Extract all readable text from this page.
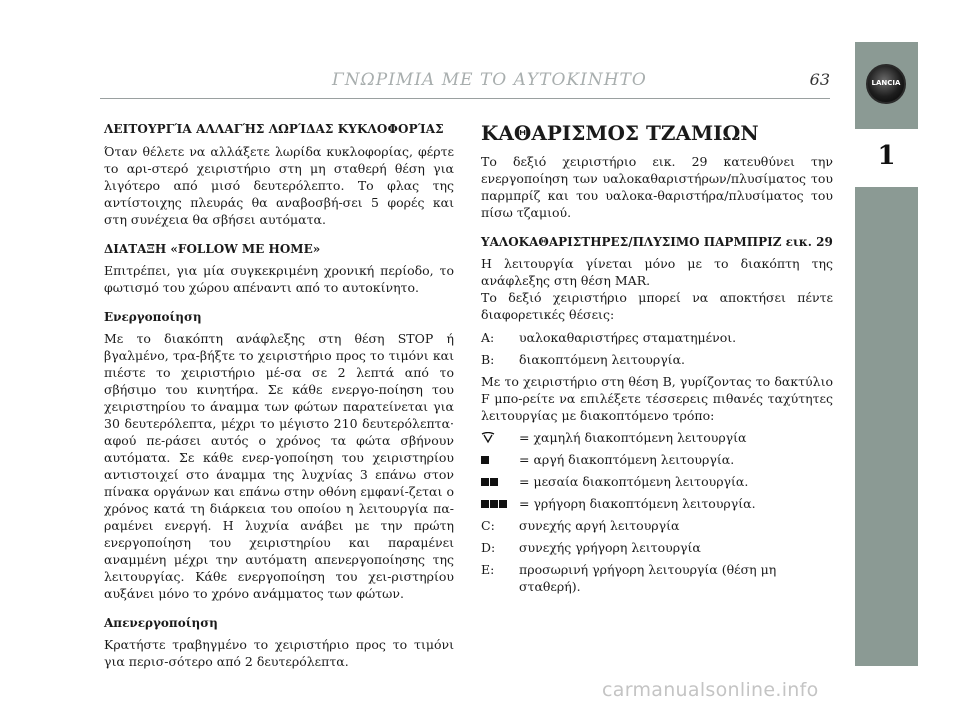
ΓΝΩΡΙΜΙΑ ΜΕ ΤΟ ΑΥΤΟΚΙΝΗΤΟ	63	LANCIA
1
ΛΕΙΤΟΥΡΓΊΑ ΑΛΛΑΓΉΣ ΛΩΡΊΔΑΣ ΚΥΚΛΟΦΟΡΊΑΣ

Όταν θέλετε να αλλάξετε λωρίδα κυκλοφορίας, φέρτε το αρι-στερό χειριστήριο στη μη σταθερή θέση για λιγότερο από μισό δευτερόλεπτο. Το φλας της αντίστοιχης πλευράς θα αναβοσβή-σει 5 φορές και στη συνέχεια θα σβήσει αυτόματα.

ΔΙΑΤΑΞΗ «FOLLOW ME HOME»

Επιτρέπει, για μία συγκεκριμένη χρονική περίοδο, το φωτισμό του χώρου απέναντι από το αυτοκίνητο.

Ενεργοποίηση

Με το διακόπτη ανάφλεξης στη θέση STOP ή βγαλμένο, τρα-βήξτε το χειριστήριο προς το τιμόνι και πιέστε το χειριστήριο μέ-σα σε 2 λεπτά από το σβήσιμο του κινητήρα. Σε κάθε ενεργο-ποίηση του χειριστηρίου το άναμμα των φώτων παρατείνεται για 30 δευτερόλεπτα, μέχρι το μέγιστο 210 δευτερόλεπτα· αφού πε-ράσει αυτός ο χρόνος τα φώτα σβήνουν αυτόματα. Σε κάθε ενερ-γοποίηση του χειριστηρίου αντιστοιχεί στο άναμμα της λυχνίας 3 επάνω στον πίνακα οργάνων και επάνω στην οθόνη εμφανί-ζεται ο χρόνος κατά τη διάρκεια του οποίου η λειτουργία πα-ραμένει ενεργή. Η λυχνία ανάβει με την πρώτη ενεργοποίηση του χειριστηρίου και παραμένει αναμμένη μέχρι την αυτόματη απενεργοποίησης της λειτουργίας. Κάθε ενεργοποίηση του χει-ριστηρίου αυξάνει μόνο το χρόνο ανάμματος των φώτων.

Απενεργοποίηση

Κρατήστε τραβηγμένο το χειριστήριο προς το τιμόνι για περισ-σότερο από 2 δευτερόλεπτα.

ΚΑΘΑΡΙΣΜΟΣ ΤΖΑΜΙΩΝ

Το δεξιό χειριστήριο εικ. 29 κατευθύνει την ενεργοποίηση των υαλοκαθαριστήρων/πλυσίματος του παρμπρίζ και του υαλοκα-θαριστήρα/πλυσίματος του πίσω τζαμιού.

ΥΑΛΟΚΑΘΑΡΙΣΤΗΡΕΣ/ΠΛΥΣΙΜΟ ΠΑΡΜΠΡΙΖ εικ. 29

Η λειτουργία γίνεται μόνο με το διακόπτη της ανάφλεξης στη θέση MAR.

Το δεξιό χειριστήριο μπορεί να αποκτήσει πέντε διαφορετικές θέσεις:

A:	υαλοκαθαριστήρες σταματημένοι.
B:	διακοπτόμενη λειτουργία.

Με το χειριστήριο στη θέση B, γυρίζοντας το δακτύλιο F μπο-ρείτε να επιλέξετε τέσσερεις πιθανές ταχύτητες λειτουργίας με διακοπτόμενο τρόπο:

= χαμηλή διακοπτόμενη λειτουργία
= αργή διακοπτόμενη λειτουργία.
= μεσαία διακοπτόμενη λειτουργία.
= γρήγορη διακοπτόμενη λειτουργία.
C:	συνεχής αργή λειτουργία
D:	συνεχής γρήγορη λειτουργία
E:	προσωρινή γρήγορη λειτουργία (θέση μη σταθερή).
carmanualsonline.info
